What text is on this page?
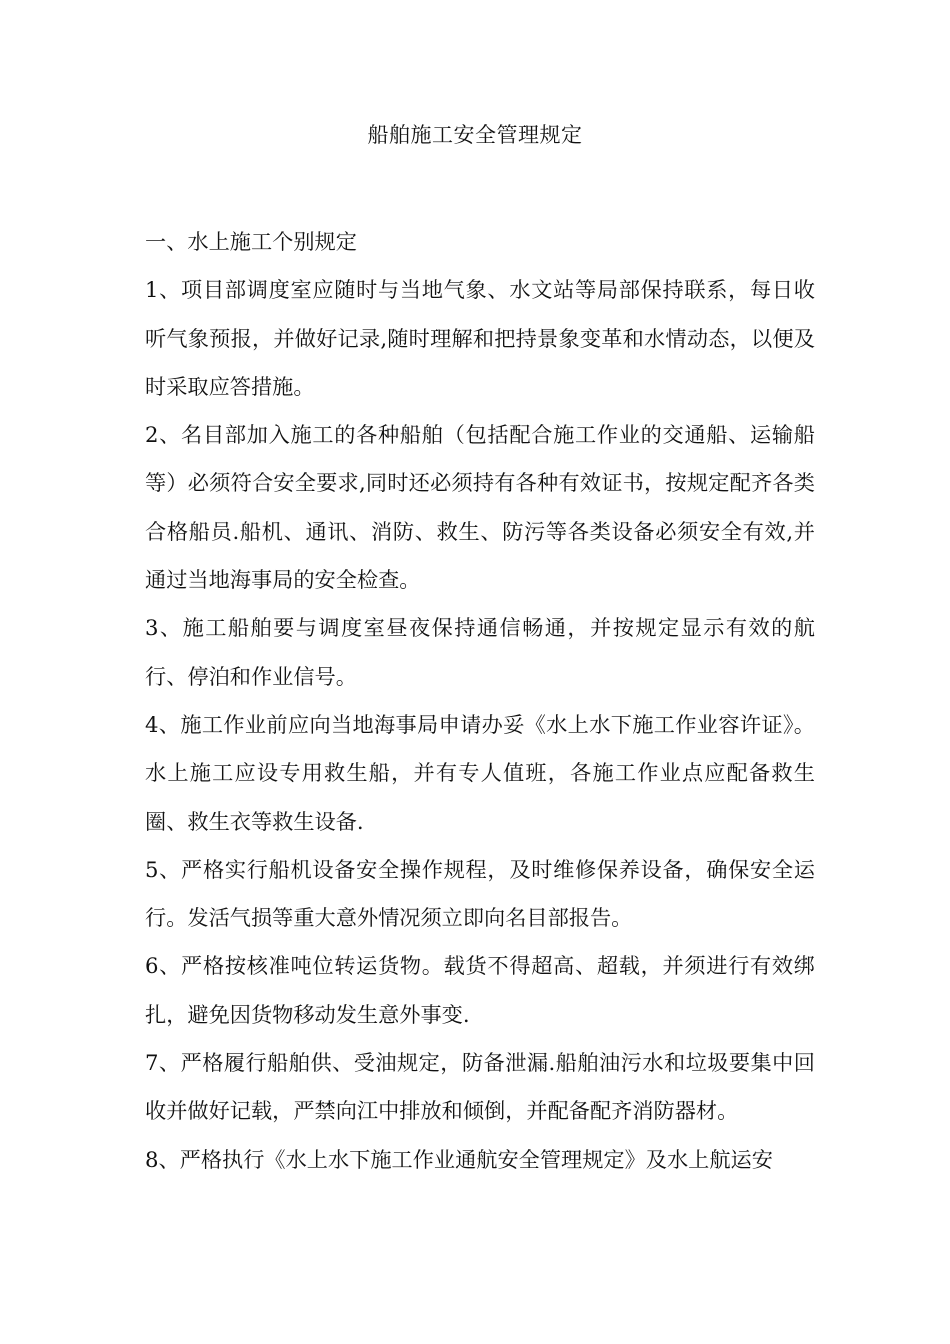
船舶施工安全管理规定

一、水上施工个别规定

1、项目部调度室应随时与当地气象、水文站等局部保持联系，每日收听气象预报，并做好记录,随时理解和把持景象变革和水情动态，以便及时采取应答措施。

2、名目部加入施工的各种船舶（包括配合施工作业的交通船、运输船等）必须符合安全要求,同时还必须持有各种有效证书，按规定配齐各类合格船员.船机、通讯、消防、救生、防污等各类设备必须安全有效,并通过当地海事局的安全检查。

3、施工船舶要与调度室昼夜保持通信畅通，并按规定显示有效的航行、停泊和作业信号。

4、施工作业前应向当地海事局申请办妥《水上水下施工作业容许证》。水上施工应设专用救生船，并有专人值班，各施工作业点应配备救生圈、救生衣等救生设备.

5、严格实行船机设备安全操作规程，及时维修保养设备，确保安全运行。发活气损等重大意外情况须立即向名目部报告。

6、严格按核准吨位转运货物。载货不得超高、超载，并须进行有效绑扎，避免因货物移动发生意外事变.

7、严格履行船舶供、受油规定，防备泄漏.船舶油污水和垃圾要集中回收并做好记载，严禁向江中排放和倾倒，并配备配齐消防器材。

8、严格执行《水上水下施工作业通航安全管理规定》及水上航运安
